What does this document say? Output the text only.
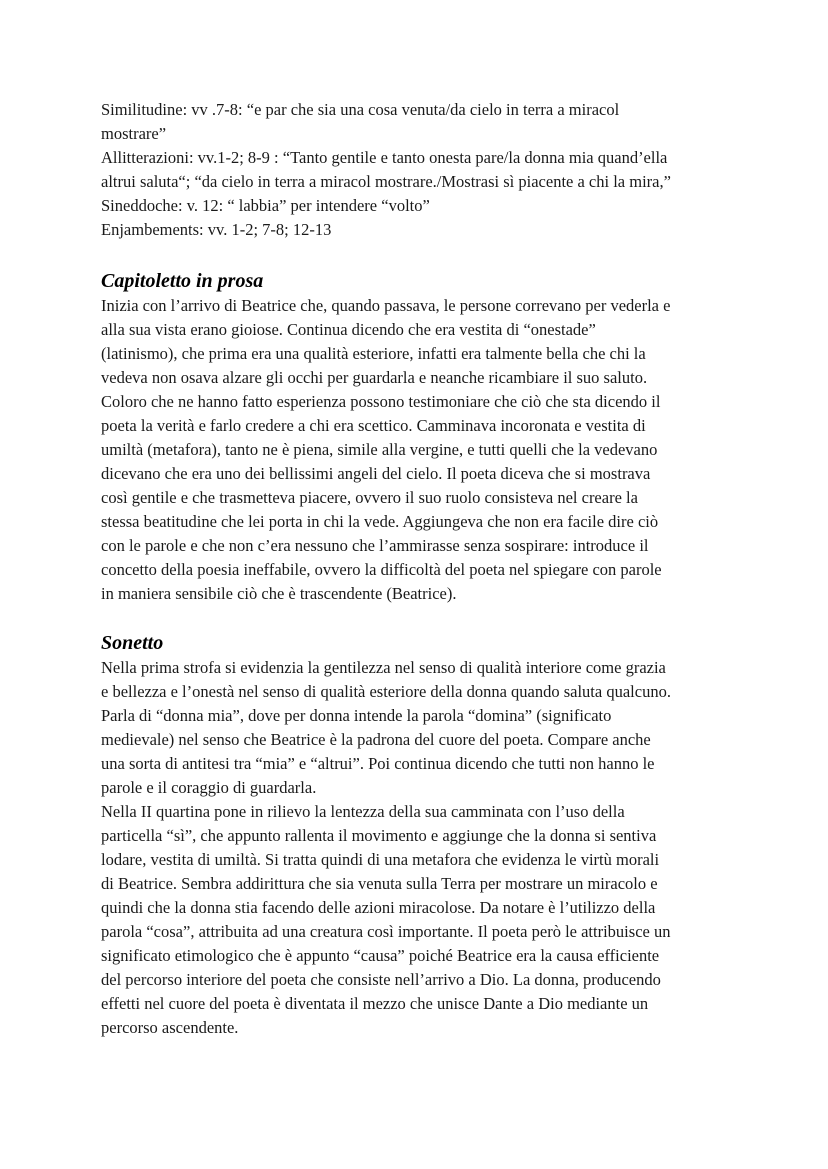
Similitudine: vv .7-8: “e par che sia una cosa venuta/da cielo in terra a miracol
mostrare”
Allitterazioni: vv.1-2; 8-9 : “Tanto gentile e tanto onesta pare/la donna mia quand’ella
altrui saluta“; “da cielo in terra a miracol mostrare./Mostrasi sì piacente a chi la mira,”
Sineddoche: v. 12: “ labbia” per intendere “volto”
Enjambements: vv. 1-2; 7-8; 12-13
Capitoletto in prosa
Inizia con l’arrivo di Beatrice che, quando passava, le persone correvano per vederla e
alla sua vista erano gioiose. Continua dicendo che era vestita di “onestade”
(latinismo), che prima era una qualità esteriore, infatti era talmente bella che chi la
vedeva non osava alzare gli occhi per guardarla e neanche ricambiare il suo saluto.
Coloro che ne hanno fatto esperienza possono testimoniare che ciò che sta dicendo il
poeta la verità e farlo credere a chi era scettico. Camminava incoronata e vestita di
umiltà (metafora), tanto ne è piena, simile alla vergine, e tutti quelli che la vedevano
dicevano che era uno dei bellissimi angeli del cielo. Il poeta diceva che si mostrava
così gentile e che trasmetteva piacere, ovvero il suo ruolo consisteva nel creare la
stessa beatitudine che lei porta in chi la vede. Aggiungeva che non era facile dire ciò
con le parole e che non c’era nessuno che l’ammirasse senza sospirare: introduce il
concetto della poesia ineffabile, ovvero la difficoltà del poeta nel spiegare con parole
in maniera sensibile ciò che è trascendente (Beatrice).
Sonetto
Nella prima strofa si evidenzia la gentilezza nel senso di qualità interiore come grazia
e bellezza e l’onestà nel senso di qualità esteriore della donna quando saluta qualcuno.
Parla di “donna mia”, dove per donna intende la parola “domina” (significato
medievale) nel senso che Beatrice è la padrona del cuore del poeta. Compare anche
una sorta di antitesi tra “mia” e “altrui”. Poi continua dicendo che tutti non hanno le
parole e il coraggio di guardarla.
Nella II quartina pone in rilievo la lentezza della sua camminata con l’uso della
particella “sì”, che appunto rallenta il movimento e aggiunge che la donna si sentiva
lodare, vestita di umiltà. Si tratta quindi di una metafora che evidenza le virtù morali
di Beatrice. Sembra addirittura che sia venuta sulla Terra per mostrare un miracolo e
quindi che la donna stia facendo delle azioni miracolose. Da notare è l’utilizzo della
parola “cosa”, attribuita ad una creatura così importante. Il poeta però le attribuisce un
significato etimologico che è appunto “causa” poiché Beatrice era la causa efficiente
del percorso interiore del poeta che consiste nell’arrivo a Dio. La donna, producendo
effetti nel cuore del poeta è diventata il mezzo che unisce Dante a Dio mediante un
percorso ascendente.
